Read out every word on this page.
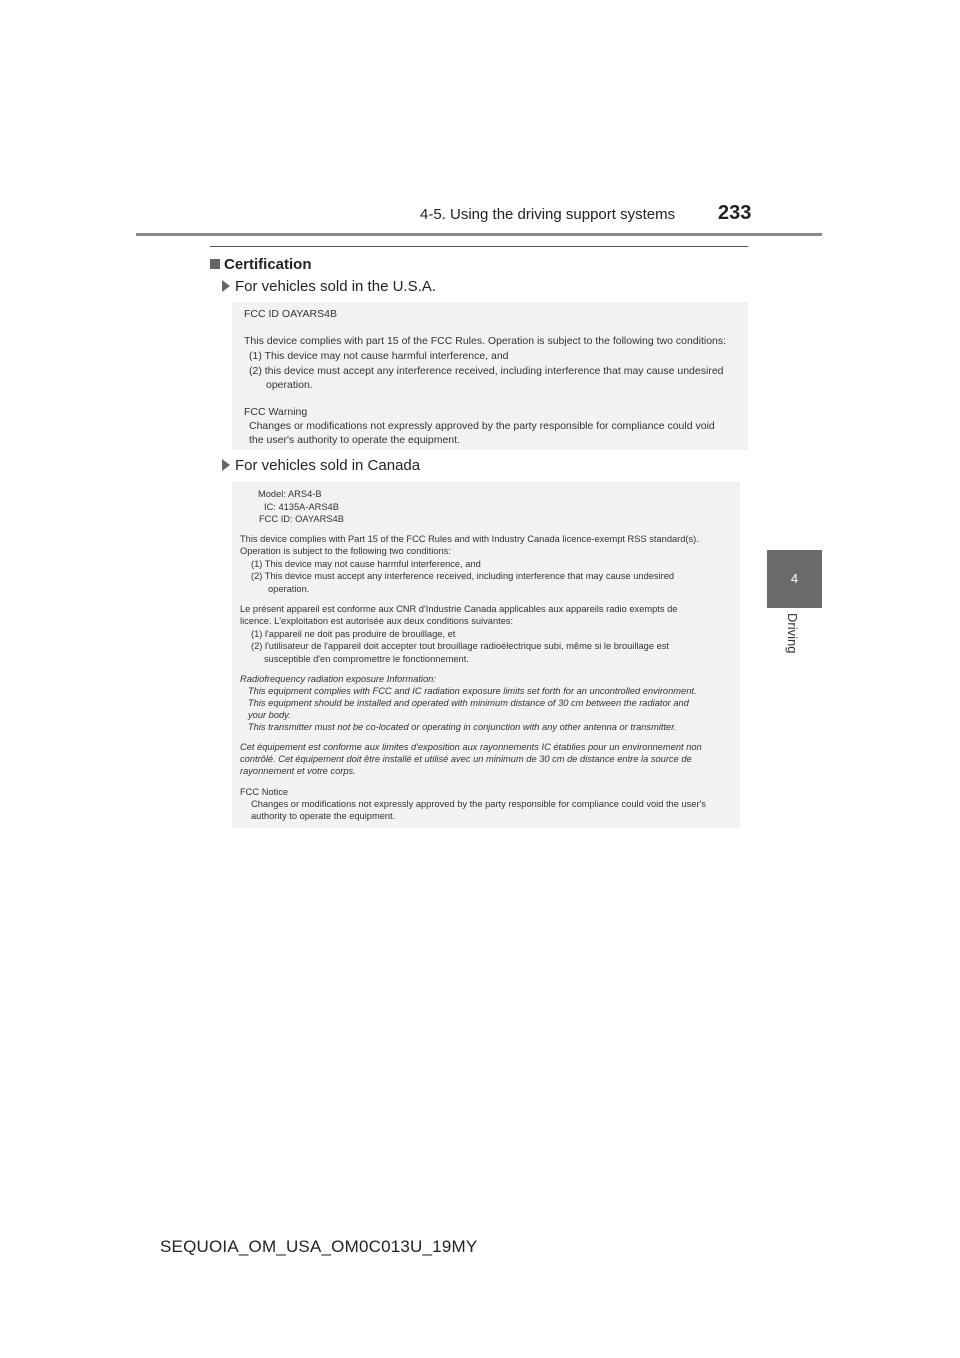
4-5. Using the driving support systems 233
4
Driving
Certification
For vehicles sold in the U.S.A.
FCC ID OAYARS4B
This device complies with part 15 of the FCC Rules. Operation is subject to the following two conditions:
(1) This device may not cause harmful interference, and
(2) this device must accept any interference received, including interference that may cause undesired
operation.
FCC Warning
Changes or modifications not expressly approved by the party responsible for compliance could void
the user's authority to operate the equipment.
For vehicles sold in Canada
Model: ARS4-B
IC: 4135A-ARS4B
FCC ID: OAYARS4B
This device complies with Part 15 of the FCC Rules and with Industry Canada licence-exempt RSS standard(s).
Operation is subject to the following two conditions:
(1) This device may not cause harmful interference, and
(2) This device must accept any interference received, including interference that may cause undesired
operation.
Le présent appareil est conforme aux CNR d'Industrie Canada applicables aux appareils radio exempts de
licence. L'exploitation est autorisée aux deux conditions suivantes:
(1) l'appareil ne doit pas produire de brouillage, et
(2) l'utilisateur de l'appareil doit accepter tout brouillage radioélectrique subi, même si le brouillage est
susceptible d'en compromettre le fonctionnement.
Radiofrequency radiation exposure Information:
This equipment complies with FCC and IC radiation exposure limits set forth for an uncontrolled environment.
This equipment should be installed and operated with minimum distance of 30 cm between the radiator and
your body.
This transmitter must not be co-located or operating in conjunction with any other antenna or transmitter.
Cet équipement est conforme aux limites d'exposition aux rayonnements IC établies pour un environnement non
contrôlé. Cet équipement doit être installé et utilisé avec un minimum de 30 cm de distance entre la source de
rayonnement et votre corps.
FCC Notice
Changes or modifications not expressly approved by the party responsible for compliance could void the user's
authority to operate the equipment.
SEQUOIA_OM_USA_OM0C013U_19MY
